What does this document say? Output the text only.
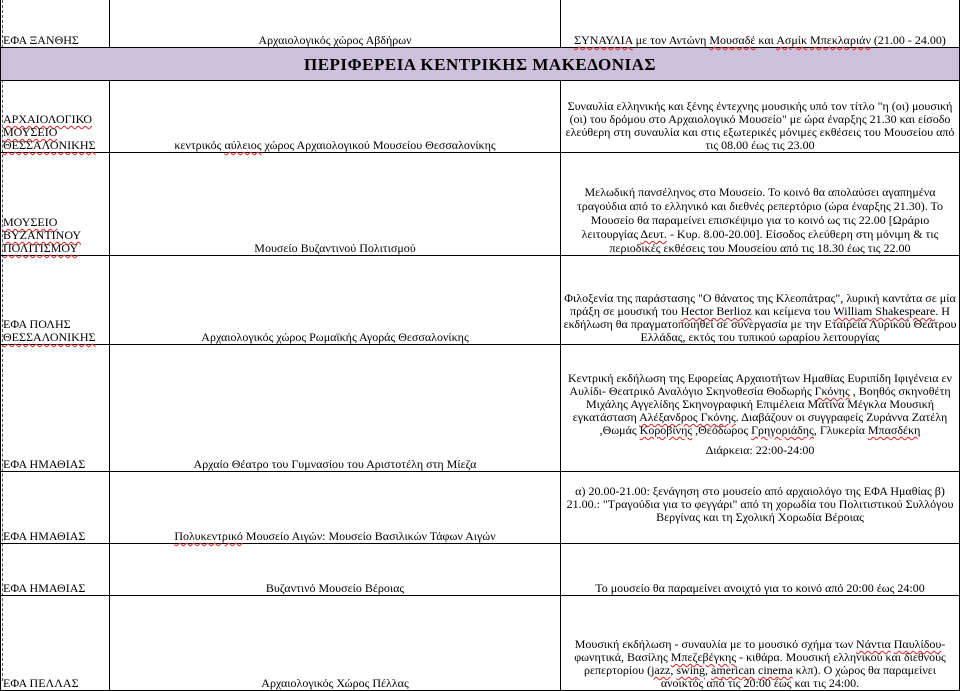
ΕΦΑ ΞΑΝΘΗΣ	Αρχαιολογικός χώρος Αβδήρων	ΣΥΝΑΥΛΙΑ με τον Αντώνη Μουσαδέ και Ασμίκ Μπεκλαριάν (21.00 - 24.00)
ΠΕΡΙΦΕΡΕΙΑ ΚΕΝΤΡΙΚΗΣ ΜΑΚΕΔΟΝΙΑΣ		
ΑΡΧΑΙΟΛΟΓΙΚΟ ΜΟΥΣΕΙΟ
ΘΕΣΣΑΛΟΝΙΚΗΣ	κεντρικός αύλειος χώρος Αρχαιολογικού Μουσείου Θεσσαλονίκης	Συναυλία ελληνικής και ξένης έντεχνης μουσικής υπό τον τίτλο "η (οι) μουσική (οι) του δρόμου στο Αρχαιολογικό Μουσείο" με ώρα έναρξης 21.30 και είσοδο ελεύθερη στη συναυλία και στις εξωτερικές μόνιμες εκθέσεις του Μουσείου από τις 08.00 έως τις 23.00
ΜΟΥΣΕΙΟ ΒΥΖΑΝΤΙΝΟΥ
ΠΟΛΙΤΙΣΜΟΥ	Μουσείο Βυζαντινού Πολιτισμού	Μελωδική πανσέληνος στο Μουσείο. Το κοινό θα απολαύσει αγαπημένα τραγούδια από το ελληνικό και διεθνές ρεπερτόριο (ώρα έναρξης 21.30). Το Μουσείο θα παραμείνει επισκέψιμο για το κοινό ως τις 22.00 [Ωράριο λειτουργίας Δευτ. - Κυρ. 8.00-20.00]. Είσοδος ελεύθερη στη μόνιμη & τις περιοδικές εκθέσεις του Μουσείου από τις 18.30 έως τις 22.00
ΕΦΑ ΠΟΛΗΣ
ΘΕΣΣΑΛΟΝΙΚΗΣ	Αρχαιολογικός χώρος Ρωμαϊκής Αγοράς Θεσσαλονίκης	Φιλοξενία της παράστασης "Ο θάνατος της Κλεοπάτρας", λυρική καντάτα σε μία πράξη σε μουσική του Hector Berlioz και κείμενα του William Shakespeare. Η εκδήλωση θα πραγματοποιηθεί σε συνεργασία με την Εταιρεία Λυρικού Θεάτρου Ελλάδας, εκτός του τυπικού ωραρίου λειτουργίας
ΕΦΑ ΗΜΑΘΙΑΣ	Αρχαίο Θέατρο του Γυμνασίου του Αριστοτέλη στη Μίεζα	Κεντρική εκδήλωση της Εφορείας Αρχαιοτήτων Ημαθίας Ευριπίδη Ιφιγένεια εν Αυλίδι- Θεατρικό Αναλόγιο Σκηνοθεσία Θοδωρής Γκόνης , Βοηθός σκηνοθέτη Μιχάλης Αγγελίδης Σκηνογραφική Επιμέλεια Ματίνα Μέγκλα Μουσική εγκατάσταση Αλέξανδρος Γκόνης. Διαβάζουν οι συγγραφείς Ζυράννα Ζατέλη ,Θωμάς Κοροβίνης ,Θεόδωρος Γρηγοριάδης, Γλυκερία Μπασδέκη
Διάρκεια: 22:00-24:00

ΕΦΑ ΗΜΑΘΙΑΣ	Πολυκεντρικό Μουσείο Αιγών: Μουσείο Βασιλικών Τάφων Αιγών	α) 20.00-21.00: ξενάγηση στο μουσείο από αρχαιολόγο της ΕΦΑ Ημαθίας β) 21.00.: "Τραγούδια για το φεγγάρι" από τη χορωδία του Πολιτιστικού Συλλόγου Βεργίνας και τη Σχολική Χορωδία Βέροιας
ΕΦΑ ΗΜΑΘΙΑΣ	Βυζαντινό Μουσείο Βέροιας	Το μουσείο θα παραμείνει ανοιχτό για το κοινό από 20:00 έως 24:00
ΕΦΑ ΠΕΛΛΑΣ	Αρχαιολογικός Χώρος Πέλλας	Μουσική εκδήλωση - συναυλία με το μουσικό σχήμα των Νάντια Παυλίδου- φωνητικά, Βασίλης Μπεζεβέγκης - κιθάρα. Μουσική ελληνικού και διεθνούς ρεπερτορίου (jazz, swing, american cinema κλπ). Ο χώρος θα παραμείνει ανοικτός από τις 20:00 έως και τις 24:00.
